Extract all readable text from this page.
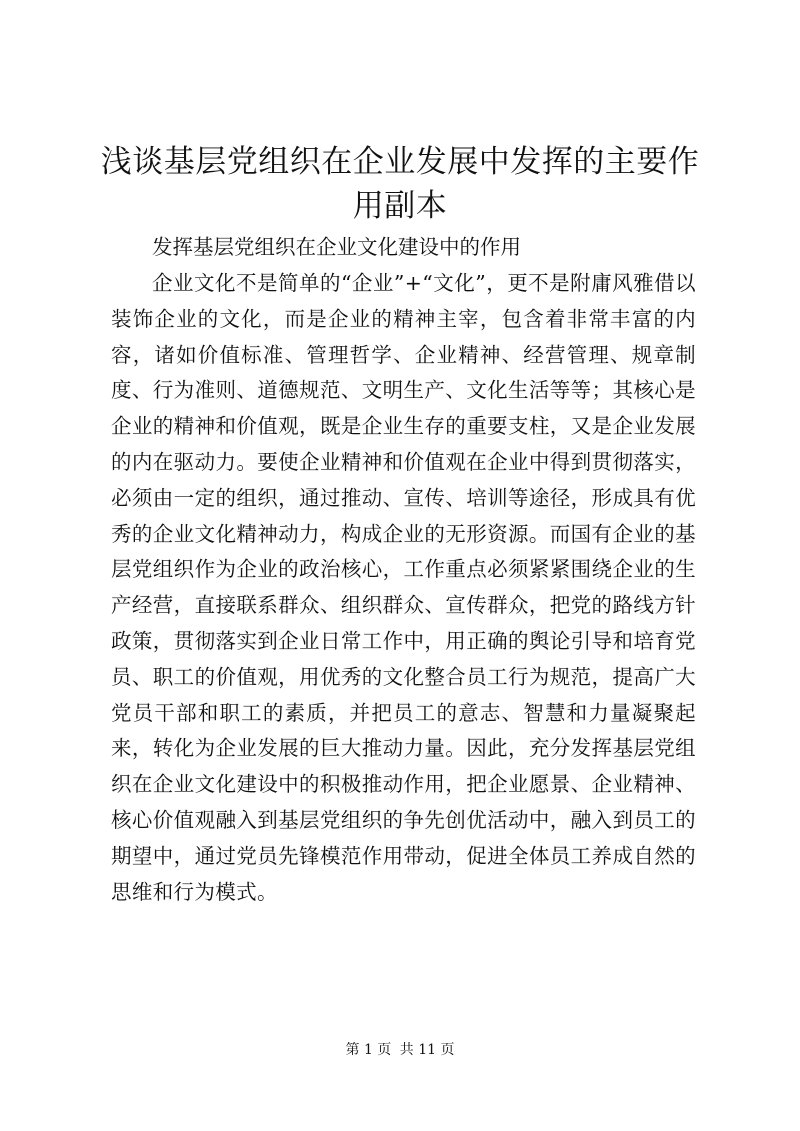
浅谈基层党组织在企业发展中发挥的主要作用副本

发挥基层党组织在企业文化建设中的作用

企业文化不是简单的“企业”+“文化”，更不是附庸风雅借以装饰企业的文化，而是企业的精神主宰，包含着非常丰富的内容，诸如价值标准、管理哲学、企业精神、经营管理、规章制度、行为准则、道德规范、文明生产、文化生活等等；其核心是企业的精神和价值观，既是企业生存的重要支柱，又是企业发展的内在驱动力。要使企业精神和价值观在企业中得到贯彻落实，必须由一定的组织，通过推动、宣传、培训等途径，形成具有优秀的企业文化精神动力，构成企业的无形资源。而国有企业的基层党组织作为企业的政治核心，工作重点必须紧紧围绕企业的生产经营，直接联系群众、组织群众、宣传群众，把党的路线方针政策，贯彻落实到企业日常工作中，用正确的舆论引导和培育党员、职工的价值观，用优秀的文化整合员工行为规范，提高广大党员干部和职工的素质，并把员工的意志、智慧和力量凝聚起来，转化为企业发展的巨大推动力量。因此，充分发挥基层党组织在企业文化建设中的积极推动作用，把企业愿景、企业精神、核心价值观融入到基层党组织的争先创优活动中，融入到员工的期望中，通过党员先锋模范作用带动，促进全体员工养成自然的思维和行为模式。

第 1 页 共 11 页
